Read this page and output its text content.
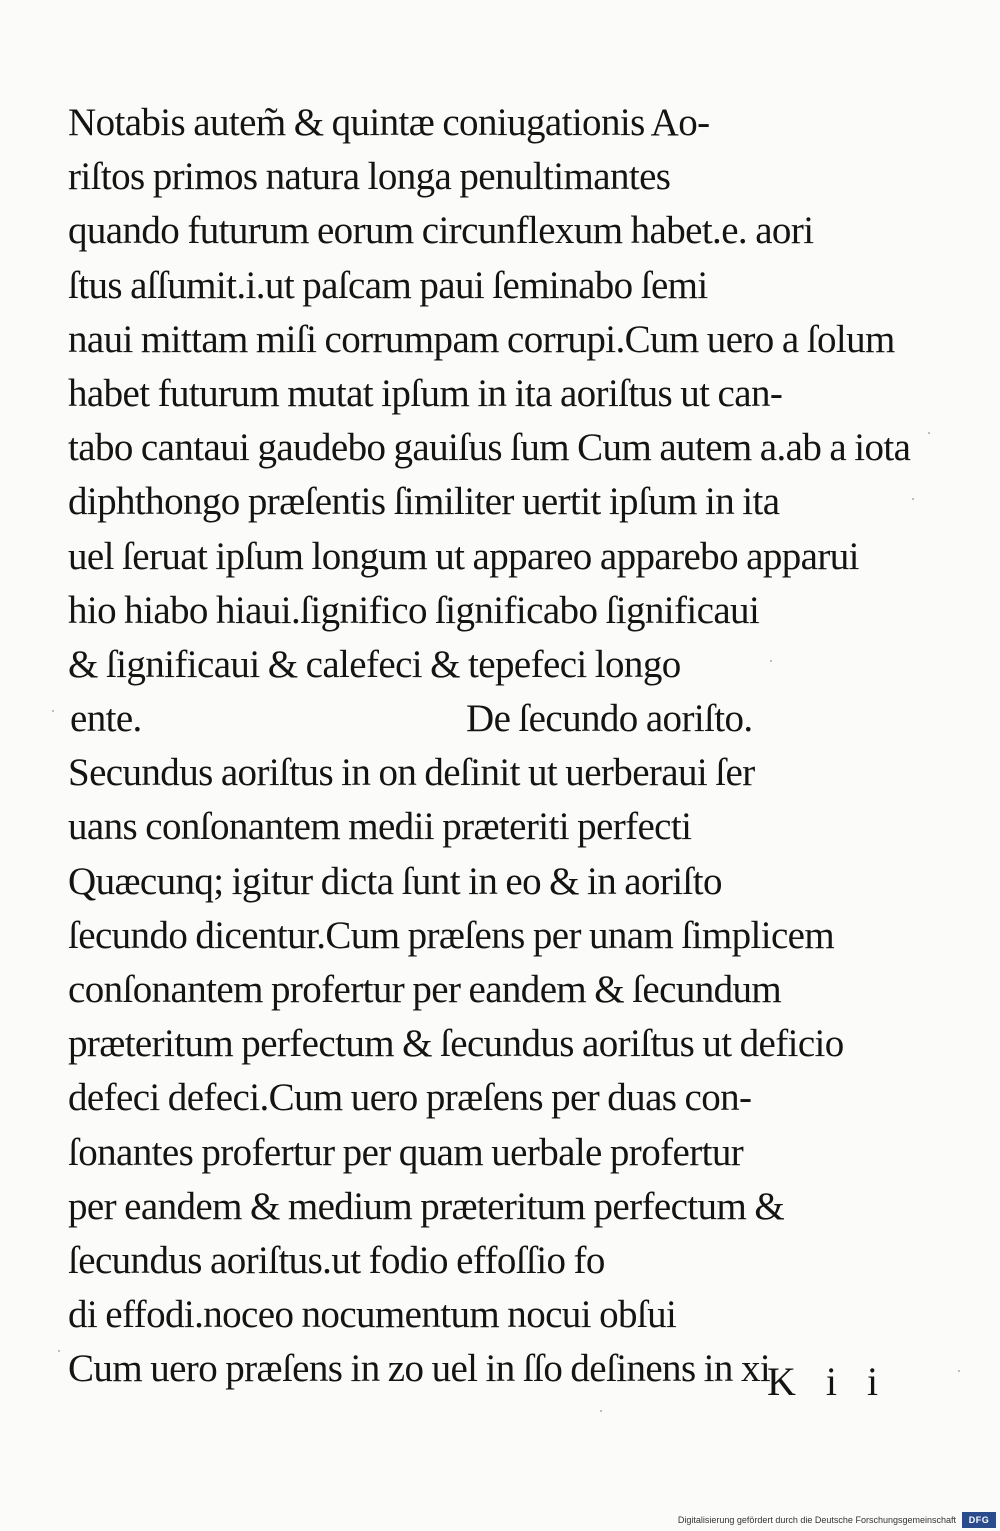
Notabis autem̃ & quintæ coniugationis Ao-
riſtos primos natura longa penultimantes
quando futurum eorum circunflexum habet.e. aori
ſtus aſſumit.i.ut paſcam paui ſeminabo ſemi
naui mittam miſi corrumpam corrupi.Cum uero a ſolum
habet futurum mutat ipſum in ita aoriſtus ut can-
tabo cantaui gaudebo gauiſus ſum Cum autem a.ab a iota
diphthongo præſentis ſimiliter uertit ipſum in ita
uel ſeruat ipſum longum ut appareo apparebo apparui
hio hiabo hiaui.ſignifico ſignificabo ſignificaui
& ſignificaui & calefeci & tepefeci longo
ente.	De ſecundo aoriſto.
Secundus aoriſtus in on deſinit ut uerberaui ſer
uans conſonantem medii præteriti perfecti
Quæcunq; igitur dicta ſunt in eo & in aoriſto
ſecundo dicentur.Cum præſens per unam ſimplicem
conſonantem profertur per eandem & ſecundum
præteritum perfectum & ſecundus aoriſtus ut deficio
defeci defeci.Cum uero præſens per duas con-
ſonantes profertur per quam uerbale profertur
per eandem & medium præteritum perfectum &
ſecundus aoriſtus.ut fodio effoſſio fo
di effodi.noceo nocumentum nocui obſui
Cum uero præſens in zo uel in ſſo deſinens in xi
K i i
Digitalisierung gefördert durch die Deutsche Forschungsgemeinschaft DFG
